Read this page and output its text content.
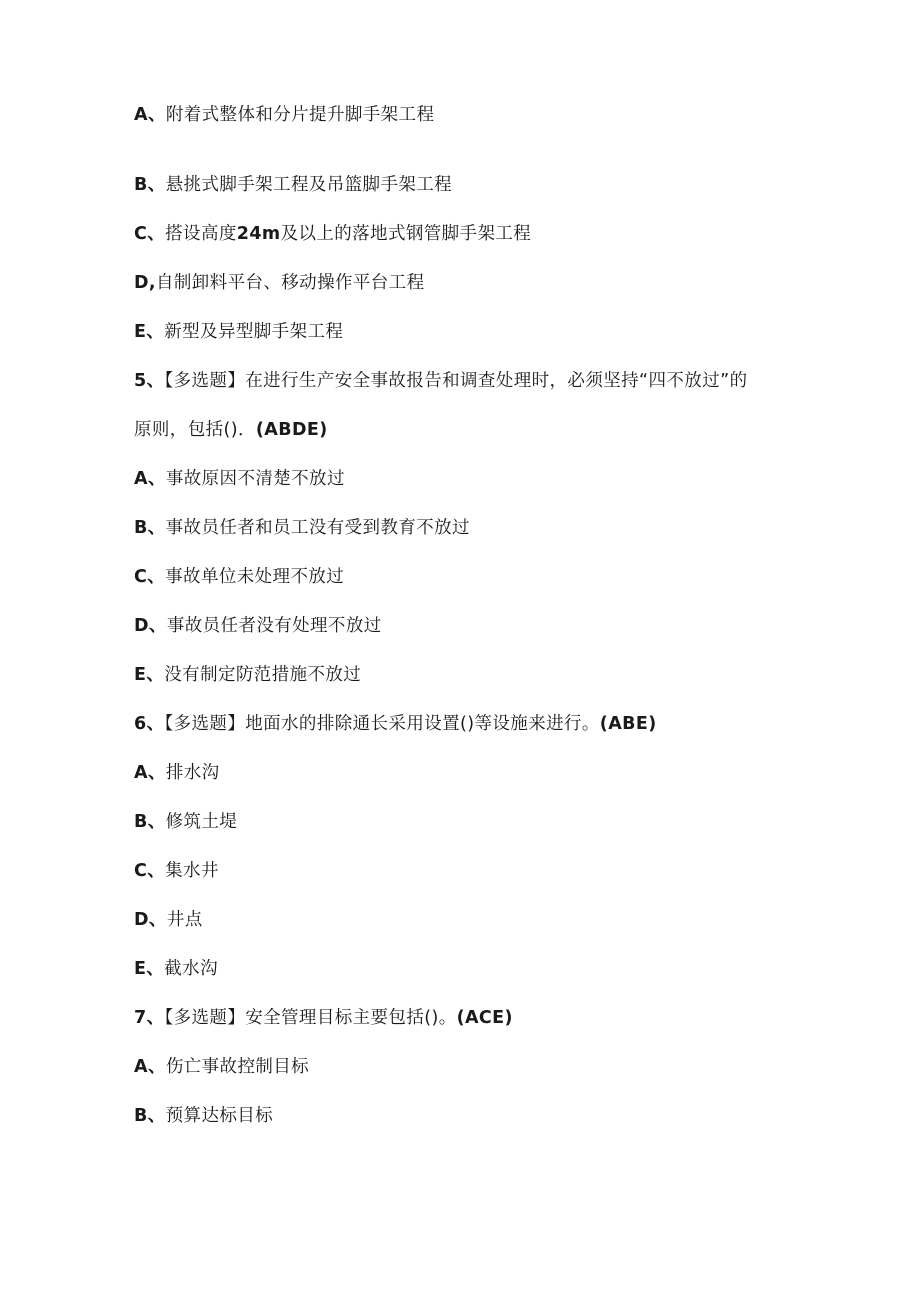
A、附着式整体和分片提升脚手架工程
B、悬挑式脚手架工程及吊篮脚手架工程
C、搭设高度24m及以上的落地式钢管脚手架工程
D,自制卸料平台、移动操作平台工程
E、新型及异型脚手架工程
5、【多选题】在进行生产安全事故报告和调查处理时，必须坚持“四不放过”的
原则，包括()．(ABDE)
A、事故原因不清楚不放过
B、事故员任者和员工没有受到教育不放过
C、事故单位未处理不放过
D、事故员任者没有处理不放过
E、没有制定防范措施不放过
6、【多选题】地面水的排除通长采用设置()等设施来进行。(ABE)
A、排水沟
B、修筑土堤
C、集水井
D、井点
E、截水沟
7、【多选题】安全管理目标主要包括()。(ACE)
A、伤亡事故控制目标
B、预算达标目标
